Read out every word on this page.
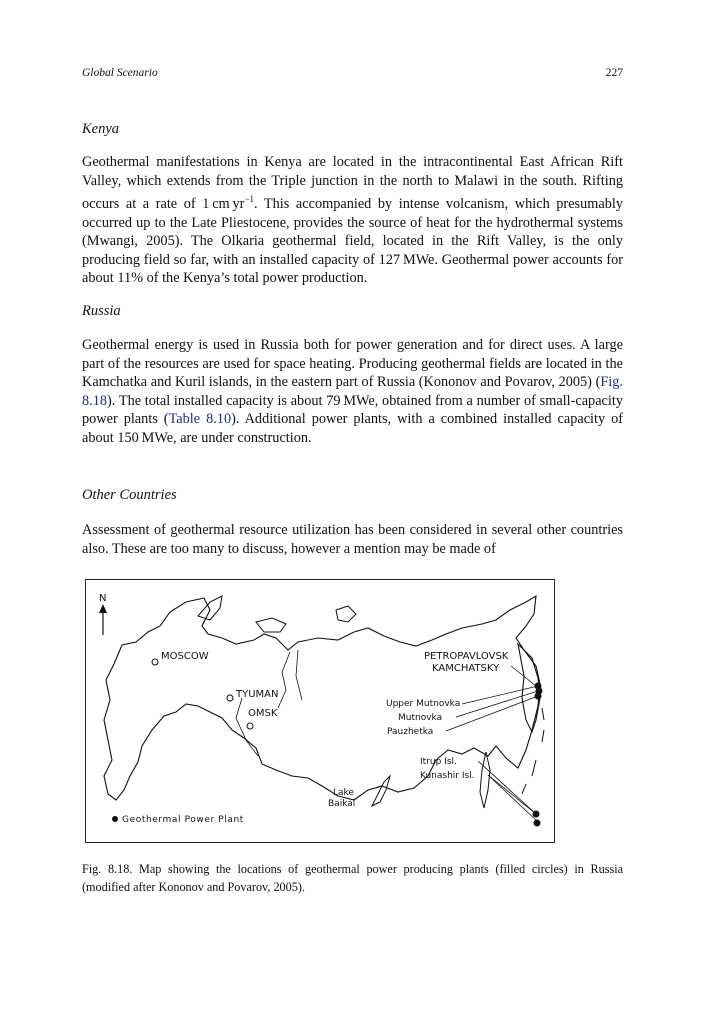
Global Scenario	227
Kenya

Geothermal manifestations in Kenya are located in the intracontinental East African Rift Valley, which extends from the Triple junction in the north to Malawi in the south. Rifting occurs at a rate of 1 cm $yr^{-1}$. This accompanied by intense volcanism, which presumably occurred up to the Late Pliestocene, provides the source of heat for the hydrothermal systems (Mwangi, 2005). The Olkaria geothermal field, located in the Rift Valley, is the only producing field so far, with an installed capacity of 127 MWe. Geothermal power accounts for about 11% of the Kenya’s total power production.

Russia

Geothermal energy is used in Russia both for power generation and for direct uses. A large part of the resources are used for space heating. Producing geothermal fields are located in the Kamchatka and Kuril islands, in the eastern part of Russia (Kononov and Povarov, 2005) (Fig. 8.18). The total installed capacity is about 79 MWe, obtained from a number of small-capacity power plants (Table 8.10). Additional power plants, with a combined installed capacity of about 150 MWe, are under construction.

Other Countries

Assessment of geothermal resource utilization has been considered in several other countries also. These are too many to discuss, however a mention may be made of

N
MOSCOW
TYUMAN
OMSK
PETROPAVLOVSK
KAMCHATSKY
Lake
Baikal
Upper Mutnovka
Mutnovka
Pauzhetka
Itrup Isl.
Kunashir Isl.
Geothermal Power Plant

Fig. 8.18. Map showing the locations of geothermal power producing plants (filled circles) in Russia (modified after Kononov and Povarov, 2005).
